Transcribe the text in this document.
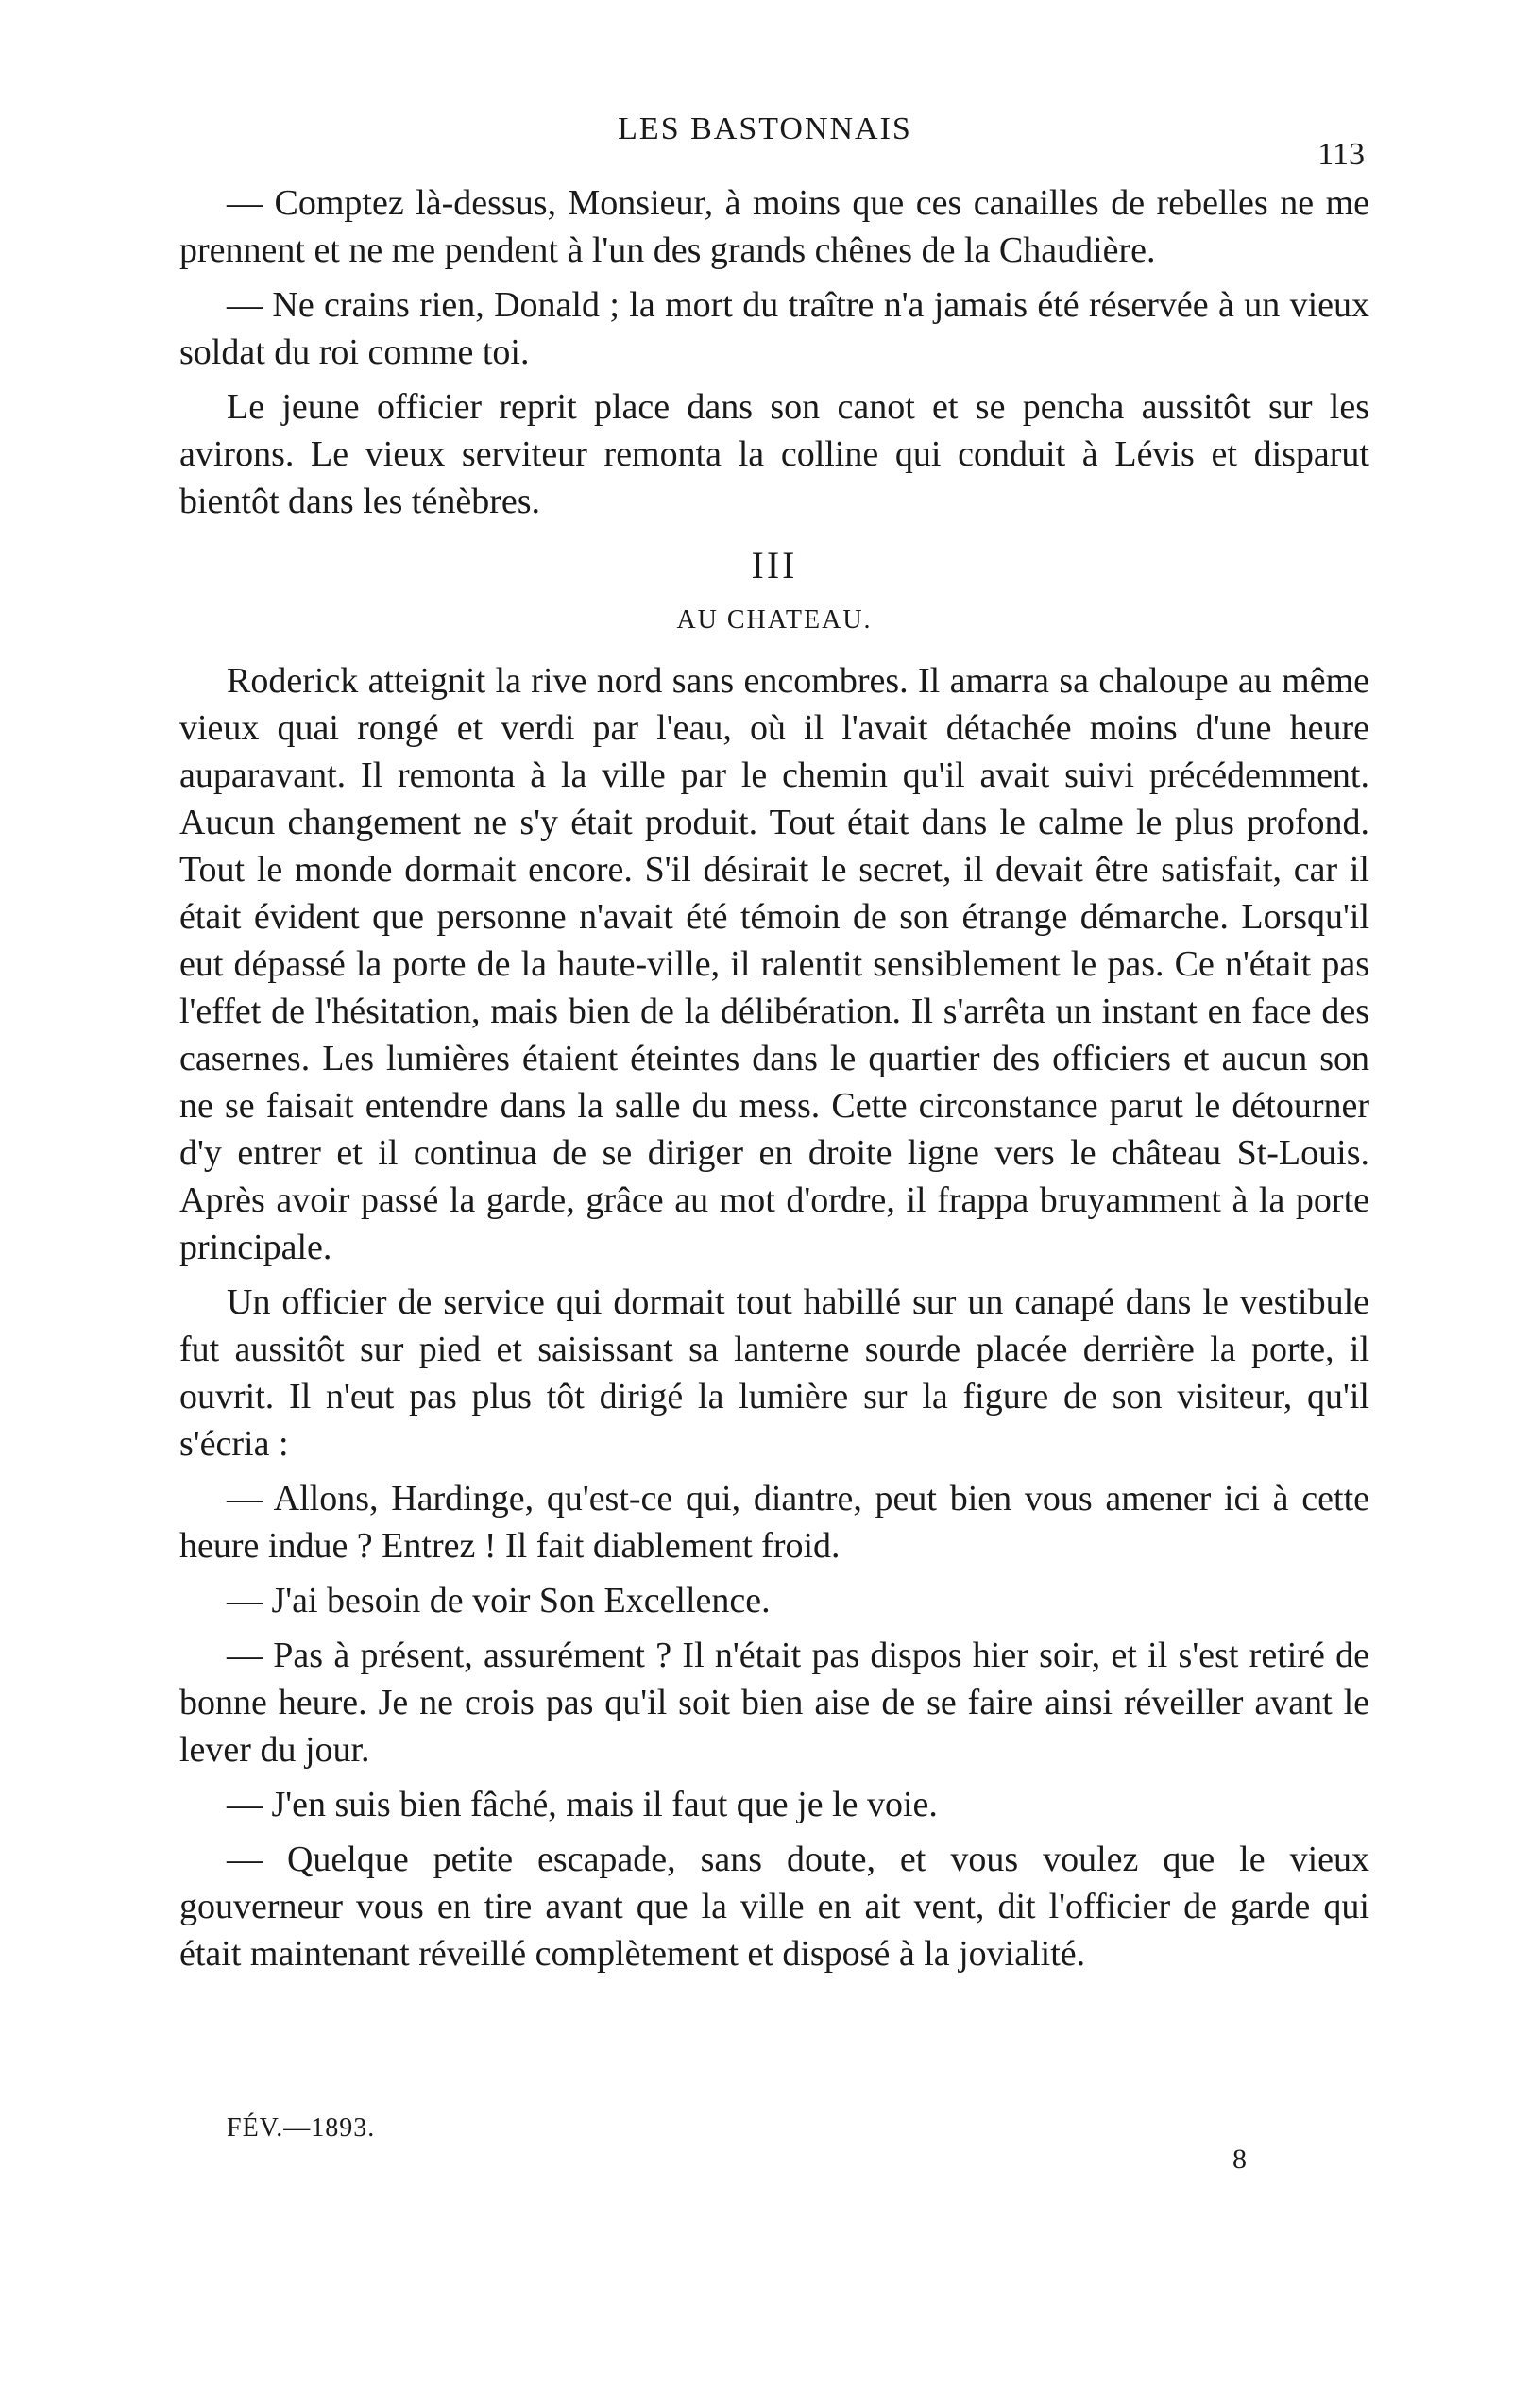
LES BASTONNAIS
113

— Comptez là-dessus, Monsieur, à moins que ces canailles de rebelles ne me prennent et ne me pendent à l'un des grands chênes de la Chaudière.

— Ne crains rien, Donald ; la mort du traître n'a jamais été réservée à un vieux soldat du roi comme toi.

Le jeune officier reprit place dans son canot et se pencha aussitôt sur les avirons. Le vieux serviteur remonta la colline qui conduit à Lévis et disparut bientôt dans les ténèbres.

III
AU CHATEAU.

Roderick atteignit la rive nord sans encombres. Il amarra sa chaloupe au même vieux quai rongé et verdi par l'eau, où il l'avait détachée moins d'une heure auparavant. Il remonta à la ville par le chemin qu'il avait suivi précédemment. Aucun changement ne s'y était produit. Tout était dans le calme le plus profond. Tout le monde dormait encore. S'il désirait le secret, il devait être satisfait, car il était évident que personne n'avait été témoin de son étrange démarche. Lorsqu'il eut dépassé la porte de la haute-ville, il ralentit sensiblement le pas. Ce n'était pas l'effet de l'hésitation, mais bien de la délibération. Il s'arrêta un instant en face des casernes. Les lumières étaient éteintes dans le quartier des officiers et aucun son ne se faisait entendre dans la salle du mess. Cette circonstance parut le détourner d'y entrer et il continua de se diriger en droite ligne vers le château St-Louis. Après avoir passé la garde, grâce au mot d'ordre, il frappa bruyamment à la porte principale.

Un officier de service qui dormait tout habillé sur un canapé dans le vestibule fut aussitôt sur pied et saisissant sa lanterne sourde placée derrière la porte, il ouvrit. Il n'eut pas plus tôt dirigé la lumière sur la figure de son visiteur, qu'il s'écria :

— Allons, Hardinge, qu'est-ce qui, diantre, peut bien vous amener ici à cette heure indue ? Entrez ! Il fait diablement froid.

— J'ai besoin de voir Son Excellence.

— Pas à présent, assurément ? Il n'était pas dispos hier soir, et il s'est retiré de bonne heure. Je ne crois pas qu'il soit bien aise de se faire ainsi réveiller avant le lever du jour.

— J'en suis bien fâché, mais il faut que je le voie.

— Quelque petite escapade, sans doute, et vous voulez que le vieux gouverneur vous en tire avant que la ville en ait vent, dit l'officier de garde qui était maintenant réveillé complètement et disposé à la jovialité.

FÉV.—1893.
8
